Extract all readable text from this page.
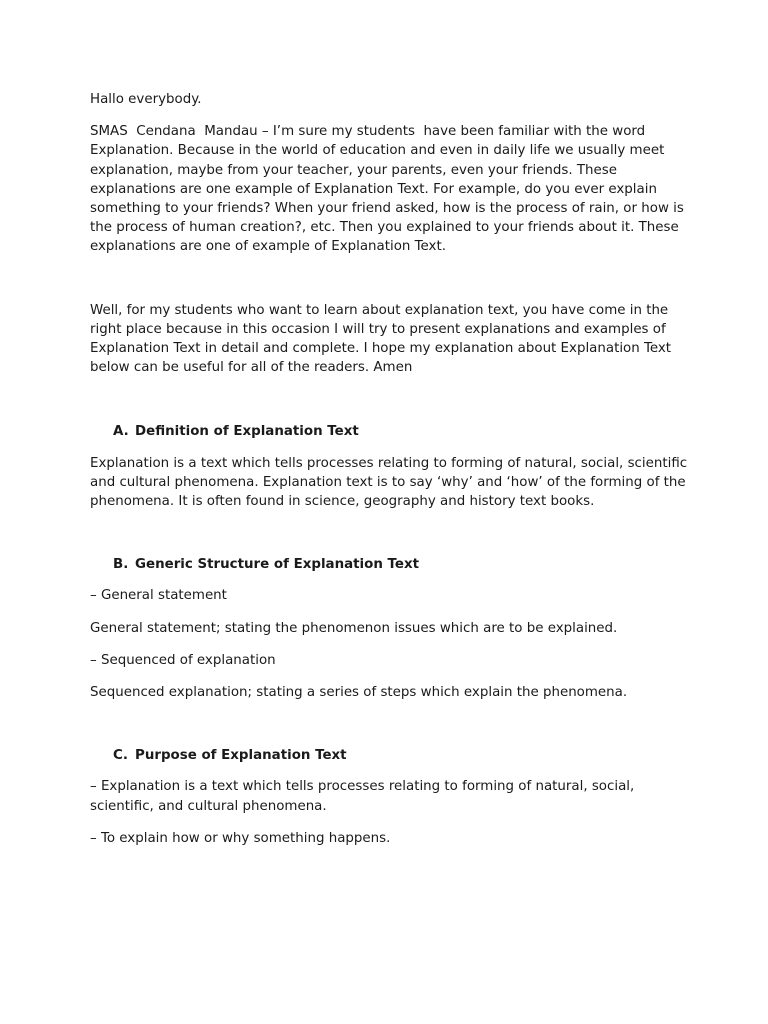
Hallo everybody.

SMAS  Cendana  Mandau – I’m sure my students  have been familiar with the word Explanation. Because in the world of education and even in daily life we usually meet explanation, maybe from your teacher, your parents, even your friends. These explanations are one example of Explanation Text. For example, do you ever explain something to your friends? When your friend asked, how is the process of rain, or how is the process of human creation?, etc. Then you explained to your friends about it. These explanations are one of example of Explanation Text.

Well, for my students who want to learn about explanation text, you have come in the right place because in this occasion I will try to present explanations and examples of Explanation Text in detail and complete. I hope my explanation about Explanation Text below can be useful for all of the readers. Amen

A. Definition of Explanation Text

Explanation is a text which tells processes relating to forming of natural, social, scientific and cultural phenomena. Explanation text is to say ‘why’ and ‘how’ of the forming of the phenomena. It is often found in science, geography and history text books.

B. Generic Structure of Explanation Text

– General statement

General statement; stating the phenomenon issues which are to be explained.

– Sequenced of explanation

Sequenced explanation; stating a series of steps which explain the phenomena.

C. Purpose of Explanation Text

– Explanation is a text which tells processes relating to forming of natural, social, scientific, and cultural phenomena.

– To explain how or why something happens.
